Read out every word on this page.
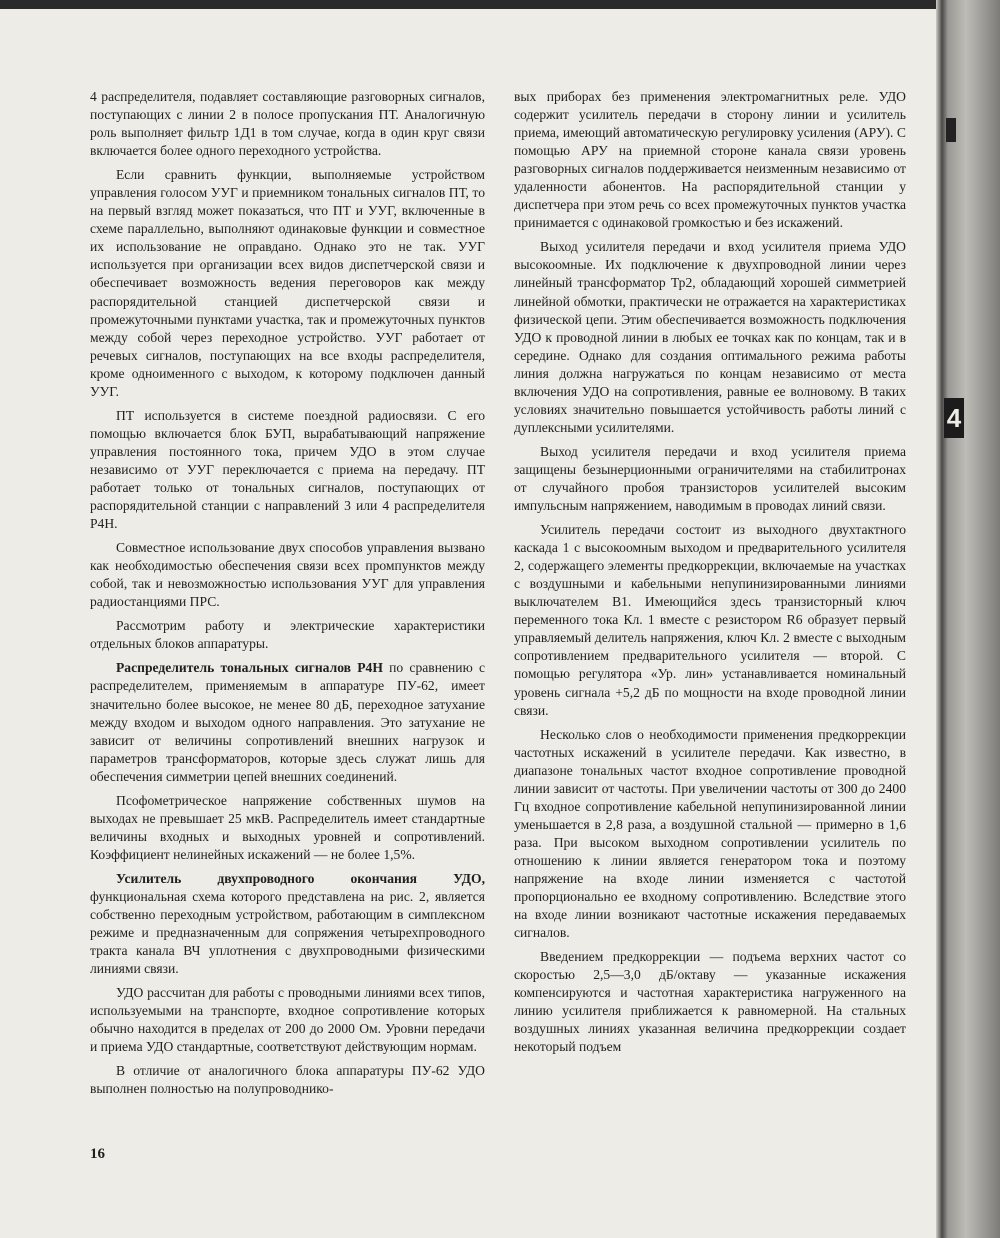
4 распределителя, подавляет составляющие разговорных сигналов, поступающих с линии 2 в полосе пропускания ПТ. Аналогичную роль выполняет фильтр 1Д1 в том случае, когда в один круг связи включается более одного переходного устройства.

Если сравнить функции, выполняемые устройством управления голосом УУГ и приемником тональных сигналов ПТ, то на первый взгляд может показаться, что ПТ и УУГ, включенные в схеме параллельно, выполняют одинаковые функции и совместное их использование не оправдано. Однако это не так. УУГ используется при организации всех видов диспетчерской связи и обеспечивает возможность ведения переговоров как между распорядительной станцией диспетчерской связи и промежуточными пунктами участка, так и промежуточных пунктов между собой через переходное устройство. УУГ работает от речевых сигналов, поступающих на все входы распределителя, кроме одноименного с выходом, к которому подключен данный УУГ.

ПТ используется в системе поездной радиосвязи. С его помощью включается блок БУП, вырабатывающий напряжение управления постоянного тока, причем УДО в этом случае независимо от УУГ переключается с приема на передачу. ПТ работает только от тональных сигналов, поступающих от распорядительной станции с направлений 3 или 4 распределителя Р4Н.

Совместное использование двух способов управления вызвано как необходимостью обеспечения связи всех промпунктов между собой, так и невозможностью использования УУГ для управления радиостанциями ПРС.

Рассмотрим работу и электрические характеристики отдельных блоков аппаратуры.

Распределитель тональных сигналов Р4Н по сравнению с распределителем, применяемым в аппаратуре ПУ-62, имеет значительно более высокое, не менее 80 дБ, переходное затухание между входом и выходом одного направления. Это затухание не зависит от величины сопротивлений внешних нагрузок и параметров трансформаторов, которые здесь служат лишь для обеспечения симметрии цепей внешних соединений.

Псофометрическое напряжение собственных шумов на выходах не превышает 25 мкВ. Распределитель имеет стандартные величины входных и выходных уровней и сопротивлений. Коэффициент нелинейных искажений — не более 1,5%.

Усилитель двухпроводного окончания УДО, функциональная схема которого представлена на рис. 2, является собственно переходным устройством, работающим в симплексном режиме и предназначенным для сопряжения четырехпроводного тракта канала ВЧ уплотнения с двухпроводными физическими линиями связи.

УДО рассчитан для работы с проводными линиями всех типов, используемыми на транспорте, входное сопротивление которых обычно находится в пределах от 200 до 2000 Ом. Уровни передачи и приема УДО стандартные, соответствуют действующим нормам.

В отличие от аналогичного блока аппаратуры ПУ-62 УДО выполнен полностью на полупроводнико-

вых приборах без применения электромагнитных реле. УДО содержит усилитель передачи в сторону линии и усилитель приема, имеющий автоматическую регулировку усиления (АРУ). С помощью АРУ на приемной стороне канала связи уровень разговорных сигналов поддерживается неизменным независимо от удаленности абонентов. На распорядительной станции у диспетчера при этом речь со всех промежуточных пунктов участка принимается с одинаковой громкостью и без искажений.

Выход усилителя передачи и вход усилителя приема УДО высокоомные. Их подключение к двухпроводной линии через линейный трансформатор Тр2, обладающий хорошей симметрией линейной обмотки, практически не отражается на характеристиках физической цепи. Этим обеспечивается возможность подключения УДО к проводной линии в любых ее точках как по концам, так и в середине. Однако для создания оптимального режима работы линия должна нагружаться по концам независимо от места включения УДО на сопротивления, равные ее волновому. В таких условиях значительно повышается устойчивость работы линий с дуплексными усилителями.

Выход усилителя передачи и вход усилителя приема защищены безынерционными ограничителями на стабилитронах от случайного пробоя транзисторов усилителей высоким импульсным напряжением, наводимым в проводах линий связи.

Усилитель передачи состоит из выходного двухтактного каскада 1 с высокоомным выходом и предварительного усилителя 2, содержащего элементы предкоррекции, включаемые на участках с воздушными и кабельными непупинизированными линиями выключателем В1. Имеющийся здесь транзисторный ключ переменного тока Кл. 1 вместе с резистором R6 образует первый управляемый делитель напряжения, ключ Кл. 2 вместе с выходным сопротивлением предварительного усилителя — второй. С помощью регулятора «Ур. лин» устанавливается номинальный уровень сигнала +5,2 дБ по мощности на входе проводной линии связи.

Несколько слов о необходимости применения предкоррекции частотных искажений в усилителе передачи. Как известно, в диапазоне тональных частот входное сопротивление проводной линии зависит от частоты. При увеличении частоты от 300 до 2400 Гц входное сопротивление кабельной непупинизированной линии уменьшается в 2,8 раза, а воздушной стальной — примерно в 1,6 раза. При высоком выходном сопротивлении усилитель по отношению к линии является генератором тока и поэтому напряжение на входе линии изменяется с частотой пропорционально ее входному сопротивлению. Вследствие этого на входе линии возникают частотные искажения передаваемых сигналов.

Введением предкоррекции — подъема верхних частот со скоростью 2,5—3,0 дБ/октаву — указанные искажения компенсируются и частотная характеристика нагруженного на линию усилителя приближается к равномерной. На стальных воздушных линиях указанная величина предкоррекции создает некоторый подъем

16
4
